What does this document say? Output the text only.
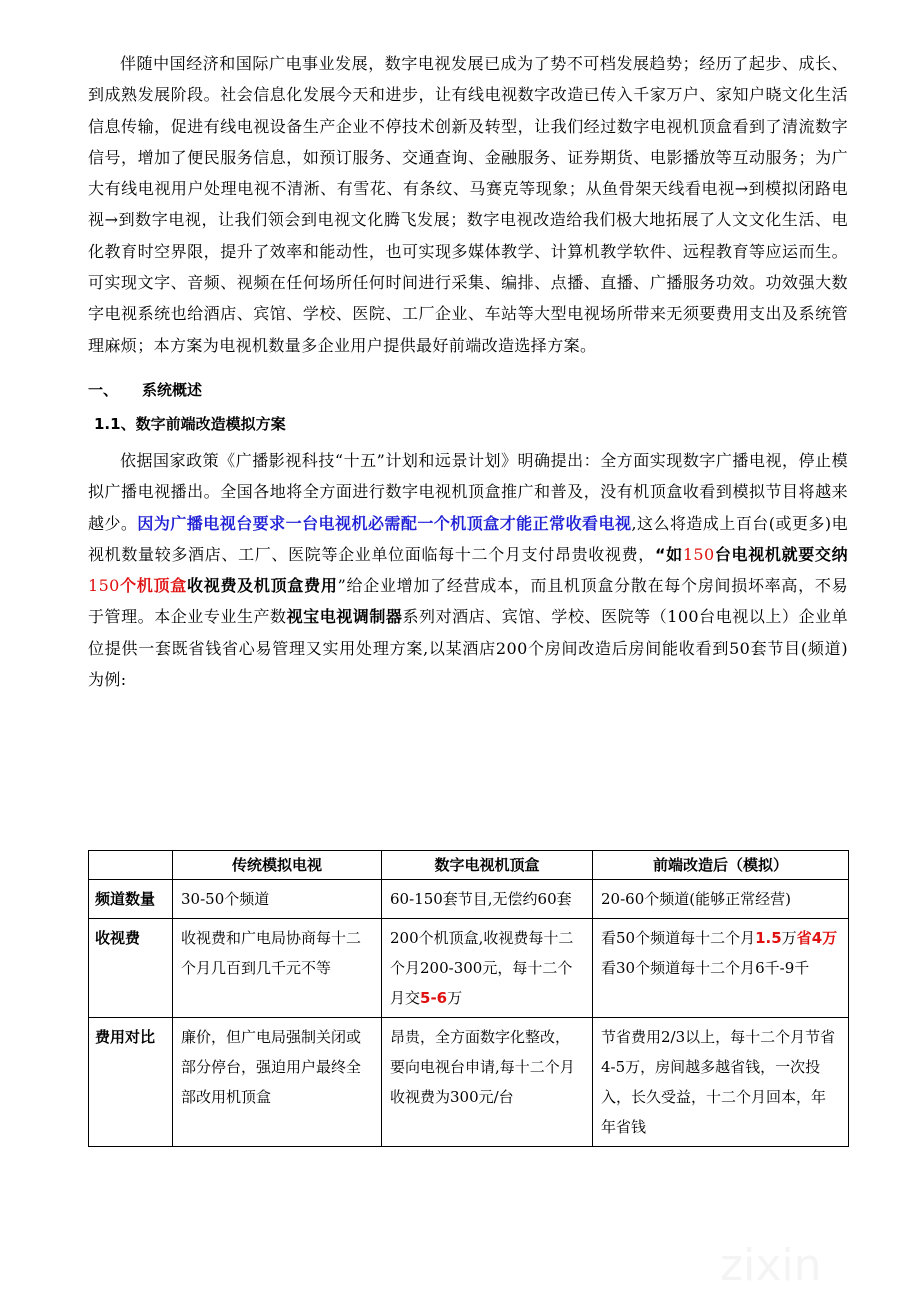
伴随中国经济和国际广电事业发展，数字电视发展已成为了势不可档发展趋势；经历了起步、成长、到成熟发展阶段。社会信息化发展今天和进步，让有线电视数字改造已传入千家万户、家知户晓文化生活信息传输，促进有线电视设备生产企业不停技术创新及转型，让我们经过数字电视机顶盒看到了清流数字信号，增加了便民服务信息，如预订服务、交通查询、金融服务、证券期货、电影播放等互动服务；为广大有线电视用户处理电视不清淅、有雪花、有条纹、马赛克等现象；从鱼骨架天线看电视→到模拟闭路电视→到数字电视，让我们领会到电视文化腾飞发展；数字电视改造给我们极大地拓展了人文文化生活、电化教育时空界限，提升了效率和能动性，也可实现多媒体教学、计算机教学软件、远程教育等应运而生。可实现文字、音频、视频在任何场所任何时间进行采集、编排、点播、直播、广播服务功效。功效强大数字电视系统也给酒店、宾馆、学校、医院、工厂企业、车站等大型电视场所带来无须要费用支出及系统管理麻烦；本方案为电视机数量多企业用户提供最好前端改造选择方案。

一、 系统概述
1.1、数字前端改造模拟方案

依据国家政策《广播影视科技“十五”计划和远景计划》明确提出：全方面实现数字广播电视，停止模拟广播电视播出。全国各地将全方面进行数字电视机顶盒推广和普及，没有机顶盒收看到模拟节目将越来越少。因为广播电视台要求一台电视机必需配一个机顶盒才能正常收看电视,这么将造成上百台(或更多)电视机数量较多酒店、工厂、医院等企业单位面临每十二个月支付昂贵收视费，“如150台电视机就要交纳150个机顶盒收视费及机顶盒费用”给企业增加了经营成本，而且机顶盒分散在每个房间损坏率高，不易于管理。本企业专业生产数视宝电视调制器系列对酒店、宾馆、学校、医院等（100台电视以上）企业单位提供一套既省钱省心易管理又实用处理方案,以某酒店200个房间改造后房间能收看到50套节目(频道)为例:

	传统模拟电视	数字电视机顶盒	前端改造后（模拟）
频道数量	30-50个频道	60-150套节目,无偿约60套	20-60个频道(能够正常经营)
收视费	收视费和广电局协商每十二个月几百到几千元不等	200个机顶盒,收视费每十二个月200-300元，每十二个月交5-6万	看50个频道每十二个月1.5万省4万
看30个频道每十二个月6千-9千

费用对比	廉价，但广电局强制关闭或部分停台，强迫用户最终全部改用机顶盒	昂贵，全方面数字化整改，要向电视台申请,每十二个月收视费为300元/台	节省费用2/3以上，每十二个月节省4-5万，房间越多越省钱，一次投入，长久受益，十二个月回本，年年省钱
zixin
